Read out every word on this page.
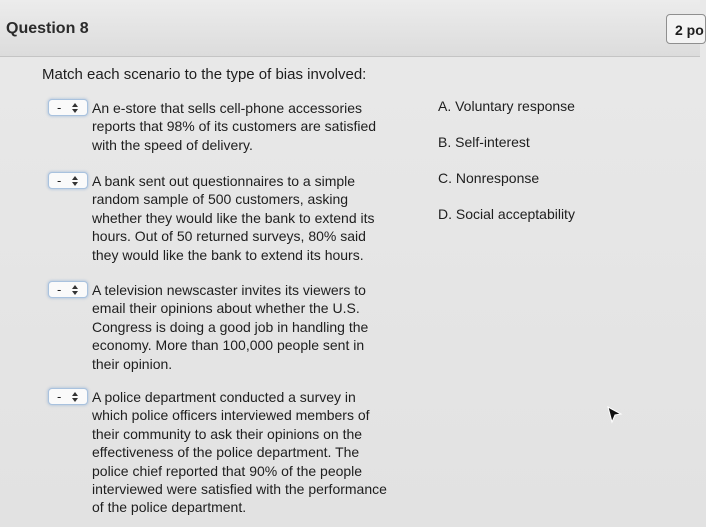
Question 8	2 po
Match each scenario to the type of bias involved:
- An e-store that sells cell-phone accessories
reports that 98% of its customers are satisfied
with the speed of delivery.
- A bank sent out questionnaires to a simple
random sample of 500 customers, asking
whether they would like the bank to extend its
hours. Out of 50 returned surveys, 80% said
they would like the bank to extend its hours.
- A television newscaster invites its viewers to
email their opinions about whether the U.S.
Congress is doing a good job in handling the
economy. More than 100,000 people sent in
their opinion.
- A police department conducted a survey in
which police officers interviewed members of
their community to ask their opinions on the
effectiveness of the police department. The
police chief reported that 90% of the people
interviewed were satisfied with the performance
of the police department.
A. Voluntary response
B. Self-interest
C. Nonresponse
D. Social acceptability
